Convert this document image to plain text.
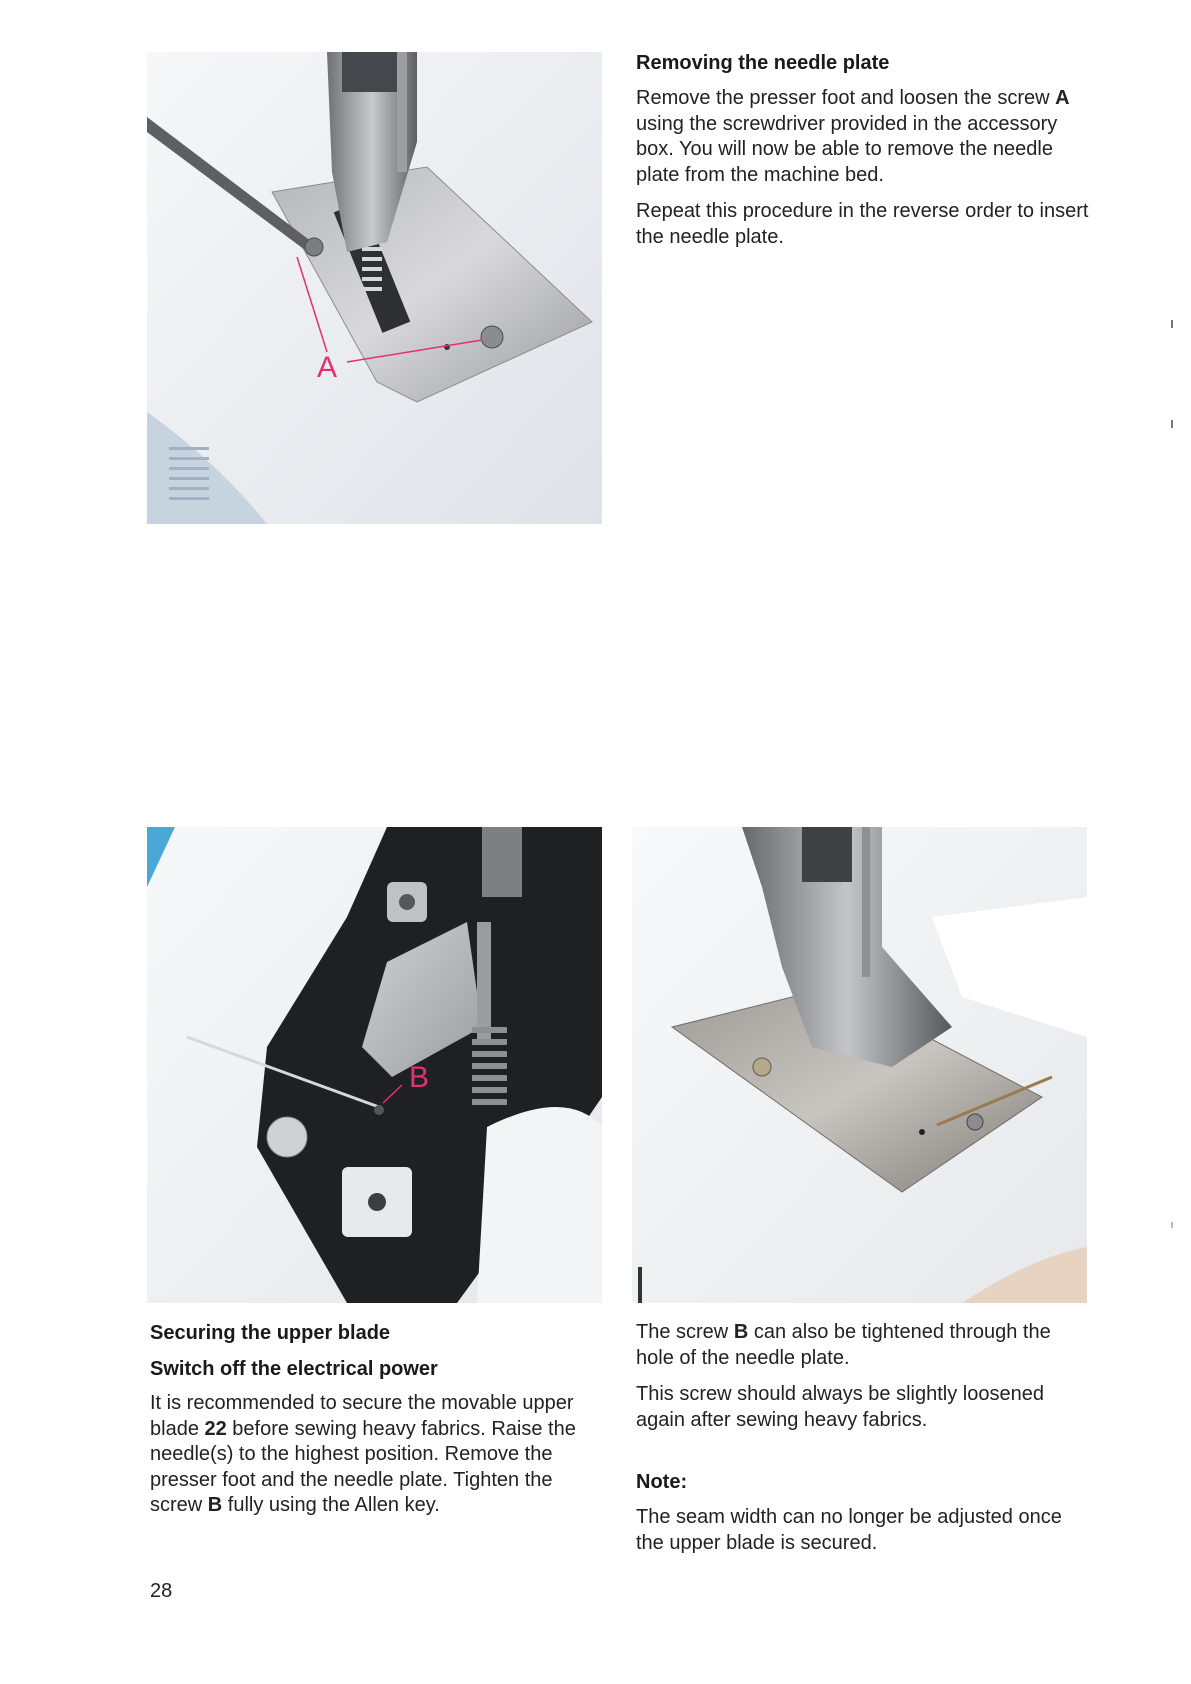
A
Removing the needle plate

Remove the presser foot and loosen the screw A using the screwdriver provided in the accessory box. You will now be able to remove the needle plate from the machine bed.

Repeat this procedure in the reverse order to insert the needle plate.

B
Securing the upper blade
Switch off the electrical power

It is recommended to secure the movable upper blade 22 before sewing heavy fabrics. Raise the needle(s) to the highest position. Remove the presser foot and the needle plate. Tighten the screw B fully using the Allen key.

The screw B can also be tightened through the hole of the needle plate.

This screw should always be slightly loosened again after sewing heavy fabrics.

Note:

The seam width can no longer be adjusted once the upper blade is secured.

28
